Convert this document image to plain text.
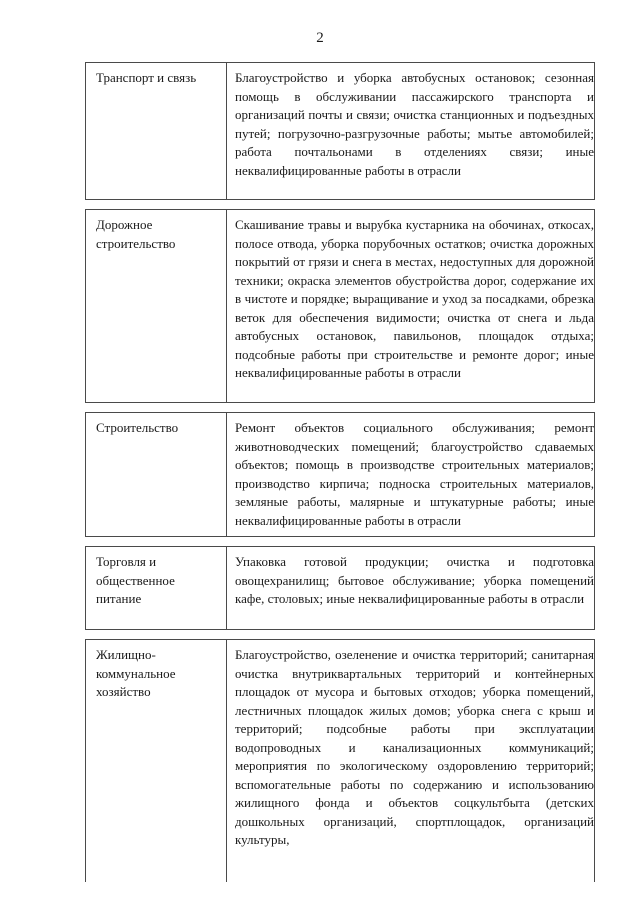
2
Транспорт и связь	Благоустройство и уборка автобусных остановок; сезонная помощь в обслуживании пассажирского транспорта и организаций почты и связи; очистка станционных и подъездных путей; погрузочно-разгрузочные работы; мытье автомобилей; работа почтальонами в отделениях связи; иные неквалифицированные работы в отрасли

Дорожное строительство	Скашивание травы и вырубка кустарника на обочинах, откосах, полосе отвода, уборка порубочных остатков; очистка дорожных покрытий от грязи и снега в местах, недоступных для дорожной техники; окраска элементов обустройства дорог, содержание их в чистоте и порядке; выращивание и уход за посадками, обрезка веток для обеспечения видимости; очистка от снега и льда автобусных остановок, павильонов, площадок отдыха; подсобные работы при строительстве и ремонте дорог; иные неквалифицированные работы в отрасли

Строительство	Ремонт объектов социального обслуживания; ремонт животноводческих помещений; благоустройство сдаваемых объектов; помощь в производстве строительных материалов; производство кирпича; подноска строительных материалов, земляные работы, малярные и штукатурные работы; иные неквалифицированные работы в отрасли

Торговля и общественное питание	Упаковка готовой продукции; очистка и подготовка овощехранилищ; бытовое обслуживание; уборка помещений кафе, столовых; иные неквалифицированные работы в отрасли

Жилищно-коммунальное хозяйство	Благоустройство, озеленение и очистка территорий; санитарная очистка внутриквартальных территорий и контейнерных площадок от мусора и бытовых отходов; уборка помещений, лестничных площадок жилых домов; уборка снега с крыш и территорий; подсобные работы при эксплуатации водопроводных и канализационных коммуникаций; мероприятия по экологическому оздоровлению территорий; вспомогательные работы по содержанию и использованию жилищного фонда и объектов соцкультбыта (детских дошкольных организаций, спортплощадок, организаций культуры,
